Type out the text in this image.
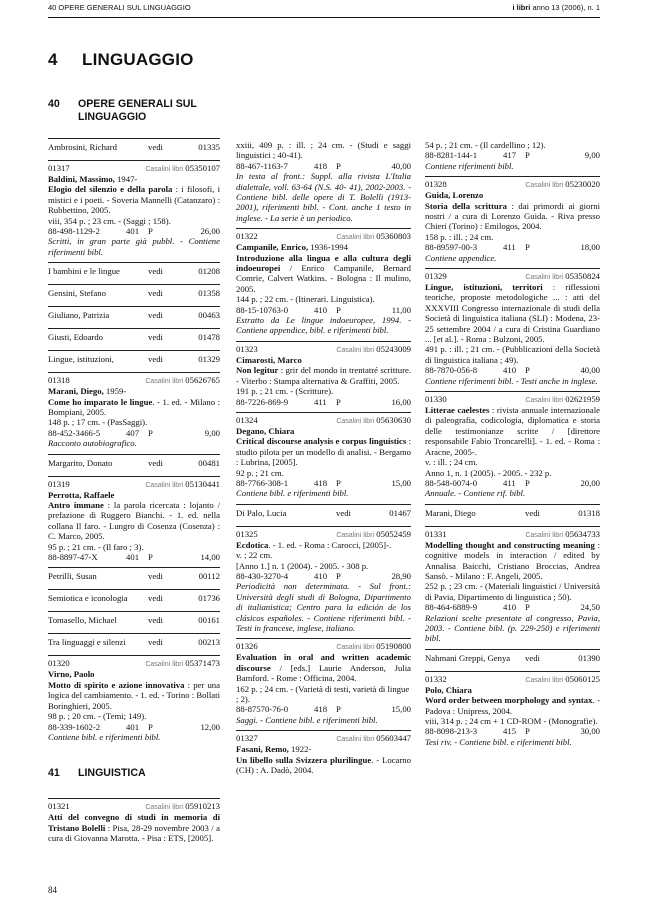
40 OPERE GENERALI SUL LINGUAGGIO	i libri anno 13 (2006), n. 1
4 LINGUAGGIO
40 OPERE GENERALI SUL
LINGUAGGIO
Ambrosini, Richard	vedi	01335
01317	Casalini libri 05350107
Baldini, Massimo, 1947-
Elogio del silenzio e della parola : i filosofi, i mistici e i poeti. - Soveria Mannelli (Catanzaro) : Rubbettino, 2005.
viii, 354 p. ; 23 cm. - (Saggi ; 158).
88-498-1129-2	401 P	26,00
Scritti, in gran parte già pubbl. - Contiene riferimenti bibl.
I bambini e le lingue	vedi	01208
Gensini, Stefano	vedi	01358
Giuliano, Patrizia	vedi	00463
Giusti, Edoardo	vedi	01478
Lingue, istituzioni,	vedi	01329
01318	Casalini libri 05626765
Marani, Diego, 1959-
Come ho imparato le lingue. - 1. ed. - Milano : Bompiani, 2005.
148 p. ; 17 cm. - (PasSaggi).
88-452-3466-5	407 P	9,00
Racconto autobiografico.
Margarito, Donato	vedi	00481
01319	Casalini libri 05130441
Perrotta, Raffaele
Antro immane : la parola ricercata : lojanto / prefazione di Ruggero Bianchi. - 1. ed. nella collana Il faro. - Lungro di Cosenza (Cosenza) : C. Marco, 2005.
95 p. ; 21 cm. - (Il faro ; 3).
88-8897-47-X	401 P	14,00
Petrilli, Susan	vedi	00112
Semiotica e iconologia vedi	01736
Tomasello, Michael	vedi	00161
Tra linguaggi e silenzi	vedi	00213
01320	Casalini libri 05371473
Virno, Paolo
Motto di spirito e azione innovativa : per una logica del cambiamento. - 1. ed. - Torino : Bollati Boringhieri, 2005.
98 p. ; 20 cm. - (Temi; 149).
88-339-1602-2	401 P	12,00
Contiene bibl. e riferimenti bibl.
41 LINGUISTICA
01321	Casalini libri 05910213
Atti del convegno di studi in memoria di Tristano Bolelli : Pisa, 28-29 novembre 2003 / a cura di Giovanna Marotta. - Pisa : ETS, [2005].
xxiii, 409 p. : ill. ; 24 cm. - (Studi e saggi linguistici ; 40-41).
88-467-1163-7	418 P	40,00
In testa al front.: Suppl. alla rivista L'Italia dialettale, voll. 63-64 (N.S. 40- 41), 2002-2003. - Contiene bibl. delle opere di T. Bolelli (1913-2001), riferimenti bibl. - Cont. anche 1 testo in inglese. - La serie è un periodico.
01322	Casalini libri 05360803
Campanile, Enrico, 1936-1994
Introduzione alla lingua e alla cultura degli indoeuropei / Enrico Campanile, Bernard Comrie, Calvert Watkins. - Bologna : Il mulino, 2005.
144 p. ; 22 cm. - (Itinerari. Linguistica).
88-15-10763-0	410 P	11,00
Estratto da Le lingue indoeuropee, 1994. - Contiene appendice, bibl. e riferimenti bibl.
01323	Casalini libri 05243009
Cimarosti, Marco
Non legitur : grir del mondo in trentatré scritture. - Viterbo : Stampa alternativa & Graffiti, 2005.
191 p. ; 21 cm. - (Scritture).
88-7226-869-9	411 P	16,00
01324	Casalini libri 05630630
Degano, Chiara
Critical discourse analysis e corpus linguistics : studio pilota per un modello di analisi. - Bergamo : Lubrina, [2005].
92 p. ; 21 cm.
88-7766-308-1	418 P	15,00
Contiene bibl. e riferimenti bibl.
Di Palo, Lucia	vedi	01467
01325	Casalini libri 05052459
Ecdotica. - 1. ed. - Roma : Carocci, [2005]-.
v. ; 22 cm.
[Anno 1.] n. 1 (2004). - 2005. - 308 p.
88-430-3270-4	410 P	28,90
Periodicità non determinata. - Sul front.: Università degli studi di Bologna, Dipartimento di italianistica; Centro para la edición de los clásicos españoles. - Contiene riferimenti bibl. - Testi in francese, inglese, italiano.
01326	Casalini libri 05190800
Evaluation in oral and written academic discourse / [eds.] Laurie Anderson, Julia Bamford. - Rome : Officina, 2004.
162 p. ; 24 cm. - (Varietà di testi, varietà di lingue ; 2).
88-87570-76-0	418 P	15,00
Saggi. - Contiene bibl. e riferimenti bibl.
01327	Casalini libri 05603447
Fasani, Remo, 1922-
Un libello sulla Svizzera plurilingue. - Locarno (CH) : A. Dadò, 2004.
54 p. ; 21 cm. - (Il cardellino ; 12).
88-8281-144-1	417 P	9,00
Contiene riferimenti bibl.
01328	Casalini libri 05230020
Guida, Lorenzo
Storia della scrittura : dai primordi ai giorni nostri / a cura di Lorenzo Guida. - Riva presso Chieri (Torino) : Emilogos, 2004.
158 p. : ill. ; 24 cm.
88-89597-00-3	411 P	18,00
Contiene appendice.
01329	Casalini libri 05350824
Lingue, istituzioni, territori : riflessioni teoriche, proposte metodologiche ... : atti del XXXVIII Congresso internazionale di studi della Società di linguistica italiana (SLI) : Modena, 23-25 settembre 2004 / a cura di Cristina Guardiano ... [et al.]. - Roma : Bulzoni, 2005.
491 p. : ill. ; 21 cm. - (Pubblicazioni della Società di linguistica italiana ; 49).
88-7870-056-8	410 P	40,00
Contiene riferimenti bibl. - Testi anche in inglese.
01330	Casalini libri 02621959
Litterae caelestes : rivista annuale internazionale di paleografia, codicologia, diplomatica e storia delle testimonianze scritte / [direttore responsabile Fabio Troncarelli]. - 1. ed. - Roma : Aracne, 2005-.
v. : ill. ; 24 cm.
Anno 1, n. 1 (2005). - 2005. - 232 p.
88-548-0074-0	411 P	20,00
Annuale. - Contiene rif. bibl.
Marani, Diego	vedi	01318
01331	Casalini libri 05634733
Modelling thought and constructing meaning : cognitive models in interaction / edited by Annalisa Baicchi, Cristiano Broccias, Andrea Sansò. - Milano : F. Angeli, 2005.
252 p. ; 23 cm. - (Materiali linguistici / Università di Pavia, Dipartimento di linguistica ; 50).
88-464-6889-9	410 P	24,50
Relazioni scelte presentate al congresso, Pavia, 2003. - Contiene bibl. (p. 229-250) e riferimenti bibl.
Nahmani Greppi, Genya vedi	01390
01332	Casalini libri 05060125
Polo, Chiara
Word order between morphology and syntax. - Padova : Unipress, 2004.
viii, 314 p. ; 24 cm + 1 CD-ROM - (Monografie).
88-8098-213-3	415 P	30,00
Tesi riv. - Contiene bibl. e riferimenti bibl.
84
